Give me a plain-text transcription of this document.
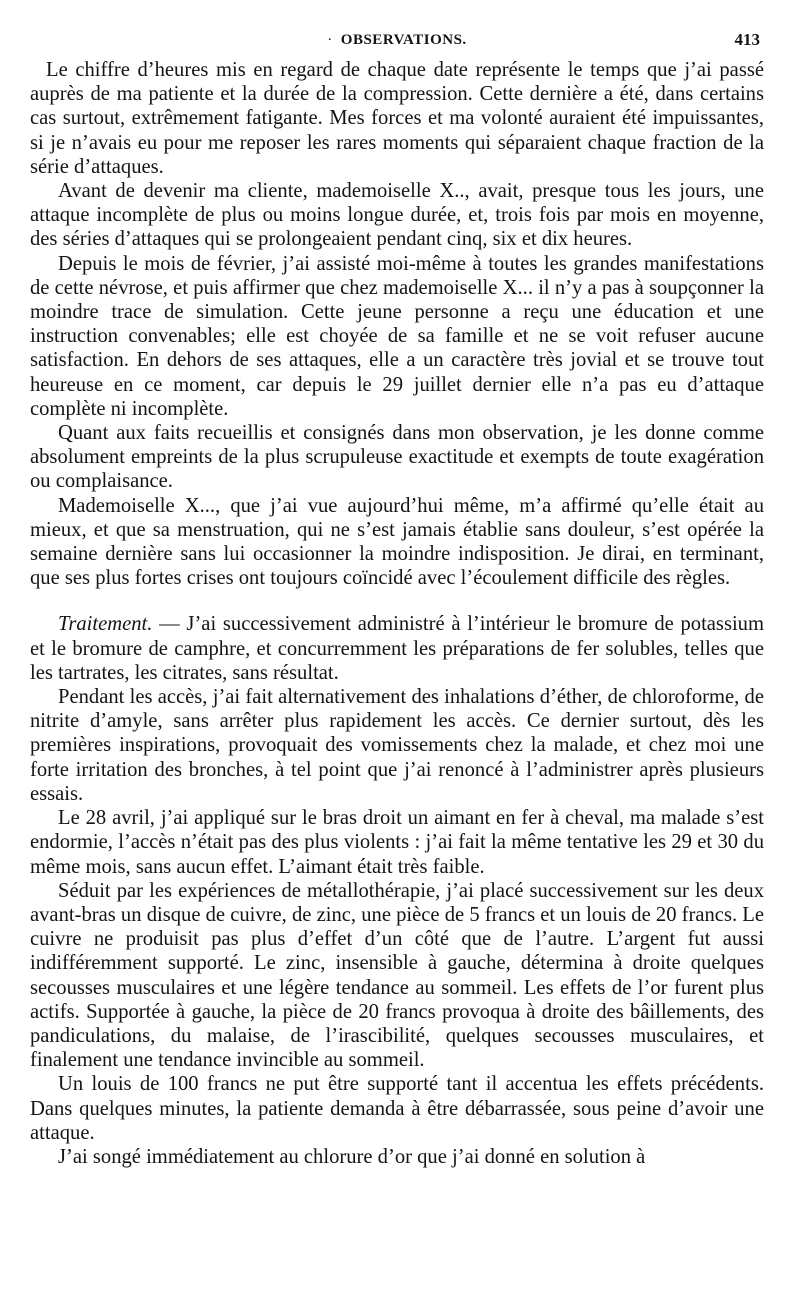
· OBSERVATIONS.	413

Le chiffre d’heures mis en regard de chaque date représente le temps que j’ai passé auprès de ma patiente et la durée de la compression. Cette dernière a été, dans certains cas surtout, extrêmement fatigante. Mes forces et ma volonté auraient été impuissantes, si je n’avais eu pour me reposer les rares moments qui séparaient chaque fraction de la série d’attaques.

Avant de devenir ma cliente, mademoiselle X.., avait, presque tous les jours, une attaque incomplète de plus ou moins longue durée, et, trois fois par mois en moyenne, des séries d’attaques qui se prolongeaient pendant cinq, six et dix heures.

Depuis le mois de février, j’ai assisté moi-même à toutes les grandes manifestations de cette névrose, et puis affirmer que chez mademoiselle X... il n’y a pas à soupçonner la moindre trace de simulation. Cette jeune personne a reçu une éducation et une instruction convenables; elle est choyée de sa famille et ne se voit refuser aucune satisfaction. En dehors de ses attaques, elle a un caractère très jovial et se trouve tout heureuse en ce moment, car depuis le 29 juillet dernier elle n’a pas eu d’attaque complète ni incomplète.

Quant aux faits recueillis et consignés dans mon observation, je les donne comme absolument empreints de la plus scrupuleuse exactitude et exempts de toute exagération ou complaisance.

Mademoiselle X..., que j’ai vue aujourd’hui même, m’a affirmé qu’elle était au mieux, et que sa menstruation, qui ne s’est jamais établie sans douleur, s’est opérée la semaine dernière sans lui occasionner la moindre indisposition. Je dirai, en terminant, que ses plus fortes crises ont toujours coïncidé avec l’écoulement difficile des règles.

Traitement. — J’ai successivement administré à l’intérieur le bromure de potassium et le bromure de camphre, et concurremment les préparations de fer solubles, telles que les tartrates, les citrates, sans résultat.

Pendant les accès, j’ai fait alternativement des inhalations d’éther, de chloroforme, de nitrite d’amyle, sans arrêter plus rapidement les accès. Ce dernier surtout, dès les premières inspirations, provoquait des vomissements chez la malade, et chez moi une forte irritation des bronches, à tel point que j’ai renoncé à l’administrer après plusieurs essais.

Le 28 avril, j’ai appliqué sur le bras droit un aimant en fer à cheval, ma malade s’est endormie, l’accès n’était pas des plus violents : j’ai fait la même tentative les 29 et 30 du même mois, sans aucun effet. L’aimant était très faible.

Séduit par les expériences de métallothérapie, j’ai placé successivement sur les deux avant-bras un disque de cuivre, de zinc, une pièce de 5 francs et un louis de 20 francs. Le cuivre ne produisit pas plus d’effet d’un côté que de l’autre. L’argent fut aussi indifféremment supporté. Le zinc, insensible à gauche, détermina à droite quelques secousses musculaires et une légère tendance au sommeil. Les effets de l’or furent plus actifs. Supportée à gauche, la pièce de 20 francs provoqua à droite des bâillements, des pandiculations, du malaise, de l’irascibilité, quelques secousses musculaires, et finalement une tendance invincible au sommeil.

Un louis de 100 francs ne put être supporté tant il accentua les effets précédents. Dans quelques minutes, la patiente demanda à être débarrassée, sous peine d’avoir une attaque.

J’ai songé immédiatement au chlorure d’or que j’ai donné en solution à
